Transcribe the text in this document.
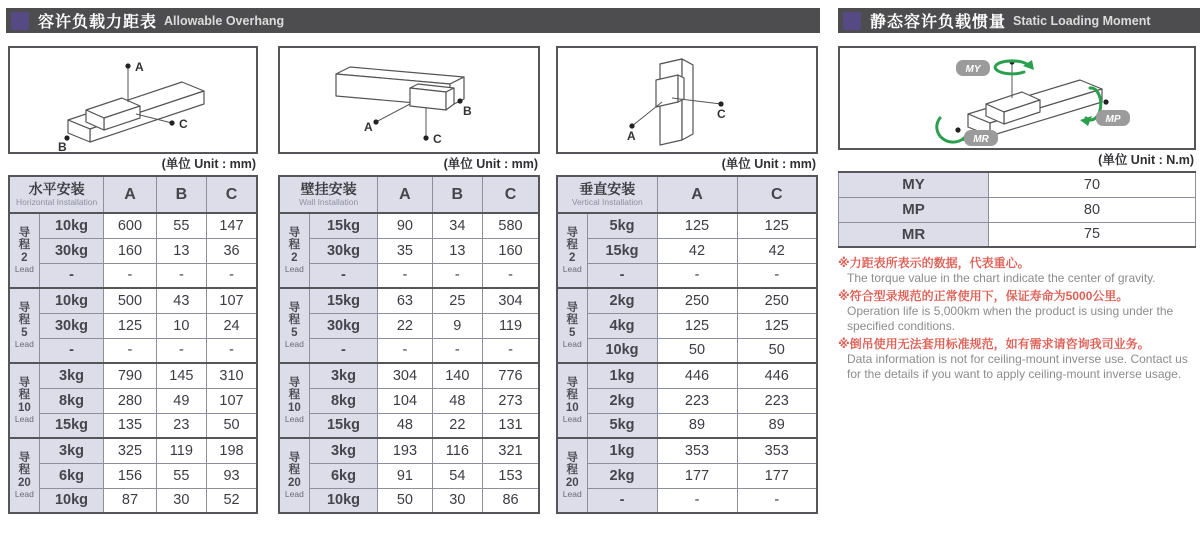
容许负载力距表 Allowable Overhang	静态容许负载惯量 Static Loading Moment
A
B
C
(单位 Unit : mm)
水平安装
Horizontal Installation		A	B	C

导
程
2
Lead	10kg	600	55	147
	30kg	160	13	36
	-	-	-	-

导
程
5
Lead	10kg	500	43	107
	30kg	125	10	24
	-	-	-	-

导
程
10
Lead	3kg	790	145	310
	8kg	280	49	107
	15kg	135	23	50

导
程
20
Lead	3kg	325	119	198
	6kg	156	55	93
	10kg	87	30	52
A
B
C
(单位 Unit : mm)
壁挂安装
Wall Installation		A	B	C

导
程
2
Lead	15kg	90	34	580
	30kg	35	13	160
	-	-	-	-

导
程
5
Lead	15kg	63	25	304
	30kg	22	9	119
	-	-	-	-

导
程
10
Lead	3kg	304	140	776
	8kg	104	48	273
	15kg	48	22	131

导
程
20
Lead	3kg	193	116	321
	6kg	91	54	153
	10kg	50	30	86
A
C
(单位 Unit : mm)
垂直安装
Vertical Installation		A	C

导
程
2
Lead	5kg	125	125
	15kg	42	42
	-	-	-

导
程
5
Lead	2kg	250	250
	4kg	125	125
	10kg	50	50

导
程
10
Lead	1kg	446	446
	2kg	223	223
	5kg	89	89

导
程
20
Lead	1kg	353	353
	2kg	177	177
	-	-	-
MY
MP
MR
(单位 Unit : N.m)
MY	70
MP	80
MR	75
※力距表所表示的数据，代表重心。
The torque value in the chart indicate the center of gravity.
※符合型录规范的正常使用下，保证寿命为5000公里。
Operation life is 5,000km when the product is using under the specified conditions.
※倒吊使用无法套用标准规范，如有需求请咨询我司业务。
Data information is not for ceiling-mount inverse use. Contact us for the details if you want to apply ceiling-mount inverse usage.
